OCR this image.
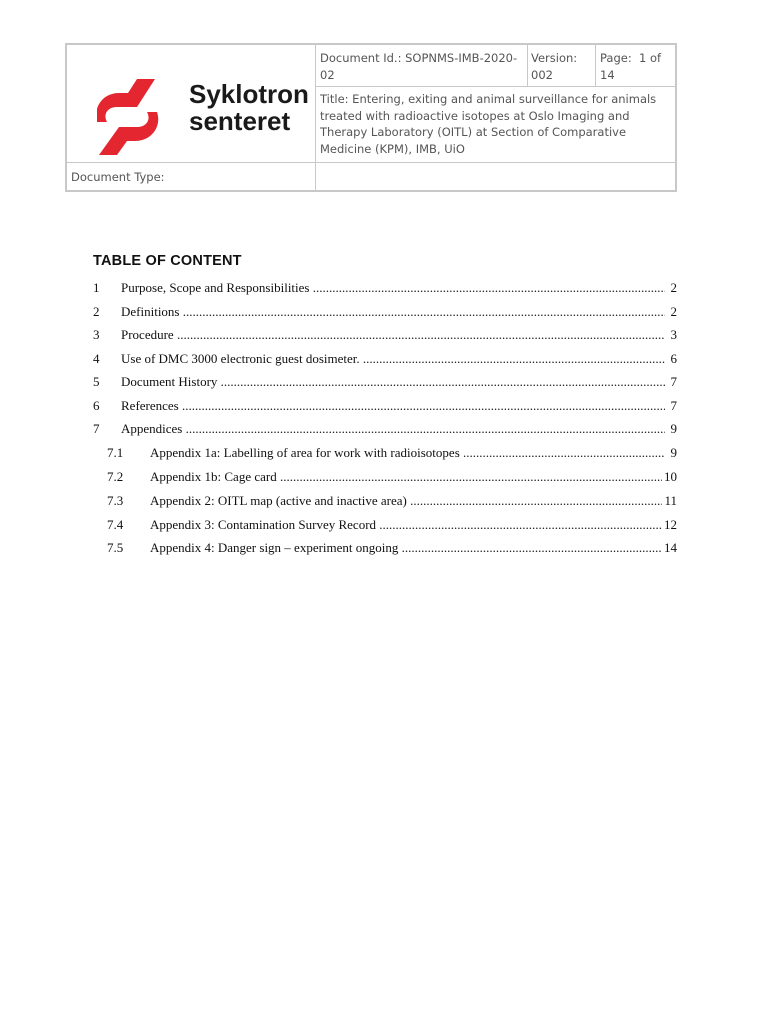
Syklotron
senteret
Document Id.: SOPNMS-IMB-2020-02
Version:
002
Page: 1 of 14
Title: Entering, exiting and animal surveillance for animals treated with radioactive isotopes at Oslo Imaging and Therapy Laboratory (OITL) at Section of Comparative Medicine (KPM), IMB, UiO
Document Type:
TABLE OF CONTENT
1 Purpose, Scope and Responsibilities .....	2
2 Definitions .....	2
3 Procedure .....	3
4 Use of DMC 3000 electronic guest dosimeter. .....	6
5 Document History .....	7
6 References .....	7
7 Appendices .....	9
7.1 Appendix 1a: Labelling of area for work with radioisotopes .....	9
7.2 Appendix 1b: Cage card .....	10
7.3 Appendix 2: OITL map (active and inactive area) .....	11
7.4 Appendix 3: Contamination Survey Record .....	12
7.5 Appendix 4: Danger sign – experiment ongoing .....	14
